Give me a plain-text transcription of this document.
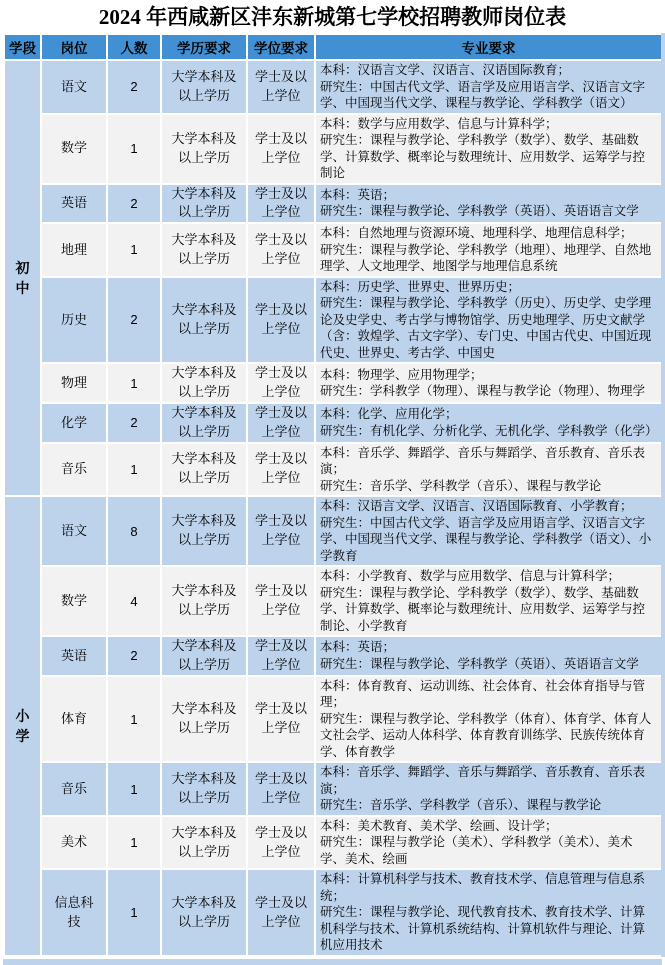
2024 年西咸新区沣东新城第七学校招聘教师岗位表
学段	岗位	人数	学历要求	学位要求	专业要求
初中	语文	2	大学本科及以上学历	学士及以上学位	本科：汉语言文学、汉语言、汉语国际教育；
研究生：中国古代文学、语言学及应用语言学、汉语言文字学、中国现当代文学、课程与教学论、学科教学（语文）

	数学	1	大学本科及以上学历	学士及以上学位	本科：数学与应用数学、信息与计算科学；
研究生：课程与教学论、学科教学（数学）、数学、基础数学、计算数学、概率论与数理统计、应用数学、运筹学与控制论

	英语	2	大学本科及以上学历	学士及以上学位	本科：英语；
研究生：课程与教学论、学科教学（英语）、英语语言文学

	地理	1	大学本科及以上学历	学士及以上学位	本科：自然地理与资源环境、地理科学、地理信息科学；
研究生：课程与教学论、学科教学（地理）、地理学、自然地理学、人文地理学、地图学与地理信息系统

	历史	2	大学本科及以上学历	学士及以上学位	本科：历史学、世界史、世界历史；
研究生：课程与教学论、学科教学（历史）、历史学、史学理论及史学史、考古学与博物馆学、历史地理学、历史文献学（含：敦煌学、古文字学）、专门史、中国古代史、中国近现代史、世界史、考古学、中国史

	物理	1	大学本科及以上学历	学士及以上学位	本科：物理学、应用物理学；
研究生：学科教学（物理）、课程与教学论（物理）、物理学

	化学	2	大学本科及以上学历	学士及以上学位	本科：化学、应用化学；
研究生：有机化学、分析化学、无机化学、学科教学（化学）

	音乐	1	大学本科及以上学历	学士及以上学位	本科：音乐学、舞蹈学、音乐与舞蹈学、音乐教育、音乐表演；
研究生：音乐学、学科教学（音乐）、课程与教学论

小学	语文	8	大学本科及以上学历	学士及以上学位	本科：汉语言文学、汉语言、汉语国际教育、小学教育；
研究生：中国古代文学、语言学及应用语言学、汉语言文字学、中国现当代文学、课程与教学论、学科教学（语文）、小学教育

	数学	4	大学本科及以上学历	学士及以上学位	本科：小学教育、数学与应用数学、信息与计算科学；
研究生：课程与教学论、学科教学（数学）、数学、基础数学、计算数学、概率论与数理统计、应用数学、运筹学与控制论、小学教育

	英语	2	大学本科及以上学历	学士及以上学位	本科：英语；
研究生：课程与教学论、学科教学（英语）、英语语言文学

	体育	1	大学本科及以上学历	学士及以上学位	本科：体育教育、运动训练、社会体育、社会体育指导与管理；
研究生：课程与教学论、学科教学（体育）、体育学、体育人文社会学、运动人体科学、体育教育训练学、民族传统体育学、体育教学

	音乐	1	大学本科及以上学历	学士及以上学位	本科：音乐学、舞蹈学、音乐与舞蹈学、音乐教育、音乐表演；
研究生：音乐学、学科教学（音乐）、课程与教学论

	美术	1	大学本科及以上学历	学士及以上学位	本科：美术教育、美术学、绘画、设计学；
研究生：课程与教学论（美术）、学科教学（美术）、美术学、美术、绘画

	信息科技	1	大学本科及以上学历	学士及以上学位	本科：计算机科学与技术、教育技术学、信息管理与信息系统；
研究生：课程与教学论、现代教育技术、教育技术学、计算机科学与技术、计算机系统结构、计算机软件与理论、计算机应用技术
